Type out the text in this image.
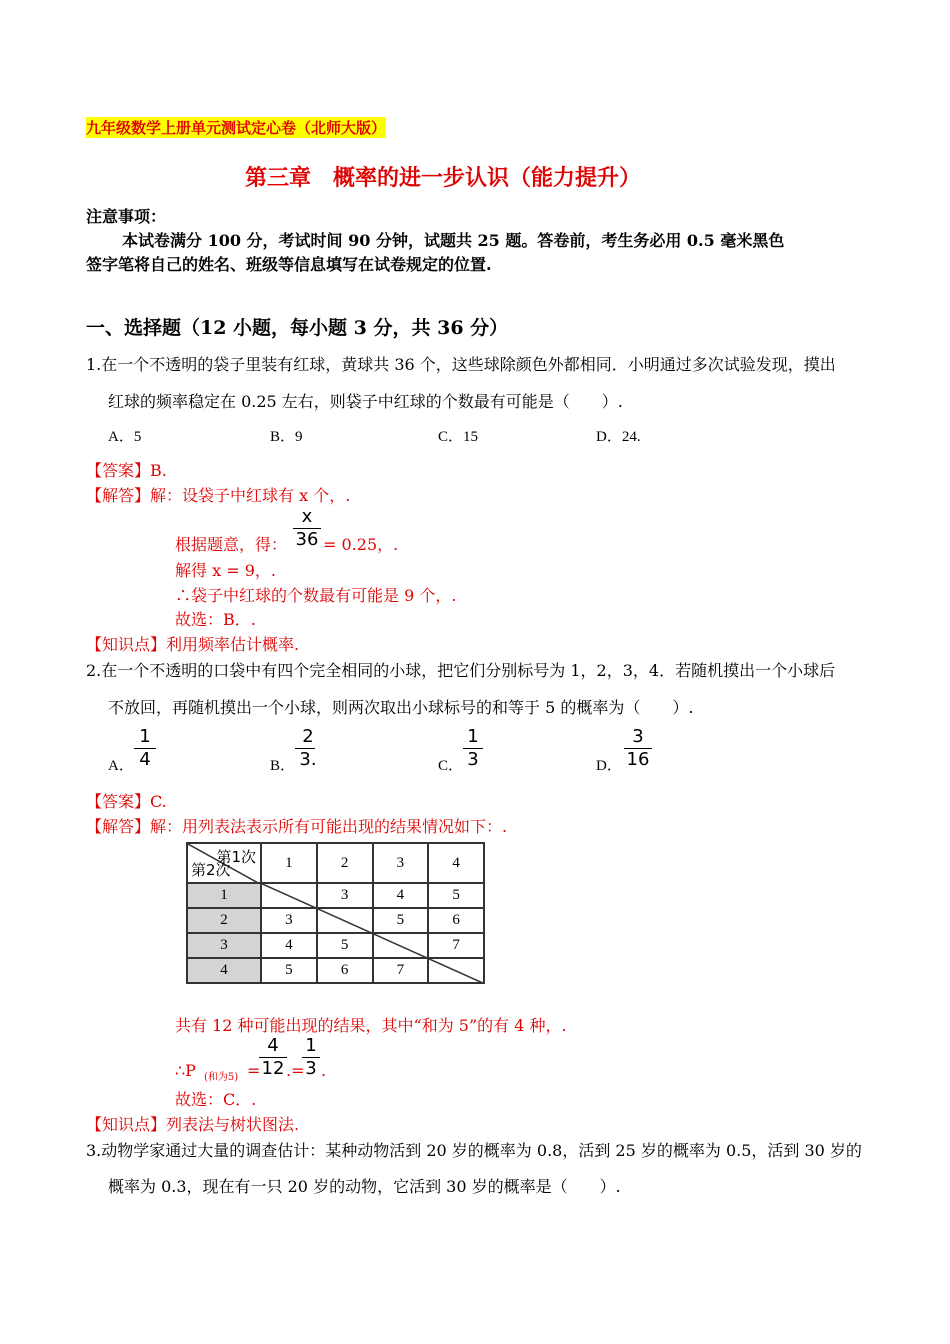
九年级数学上册单元测试定心卷（北师大版）
第三章　概率的进一步认识（能力提升）
注意事项：
本试卷满分 100 分，考试时间 90 分钟，试题共 25 题。答卷前，考生务必用 0.5 毫米黑色
签字笔将自己的姓名、班级等信息填写在试卷规定的位置.
一、选择题（12 小题，每小题 3 分，共 36 分）
1.在一个不透明的袋子里装有红球，黄球共 36 个，这些球除颜色外都相同．小明通过多次试验发现，摸出
红球的频率稳定在 0.25 左右，则袋子中红球的个数最有可能是（　　）.
A．5	B．9	C．15	D．24.
【答案】B.
【解答】解：设袋子中红球有 x 个，.
根据题意，得：
x
36 = 0.25，.
解得 x = 9，.
∴袋子中红球的个数最有可能是 9 个，.
故选：B．.
【知识点】利用频率估计概率.
2.在一个不透明的口袋中有四个完全相同的小球，把它们分别标号为 1，2，3，4．若随机摸出一个小球后
不放回，再随机摸出一个小球，则两次取出小球标号的和等于 5 的概率为（　　）.
A．
1
4	B．
2
3.	C．
1
3	D．
3
16
【答案】C.
【解答】解：用列表法表示所有可能出现的结果情况如下：.
第1次
第2次	1	2	3	4
1		3	4	5
2	3		5	6
3	4	5		7
4	5	6	7	
共有 12 种可能出现的结果，其中“和为 5”的有 4 种，.
∴P (和为5) =
4
12 .=
1
3 .
故选：C．.
【知识点】列表法与树状图法.
3.动物学家通过大量的调查估计：某种动物活到 20 岁的概率为 0.8，活到 25 岁的概率为 0.5，活到 30 岁的
概率为 0.3，现在有一只 20 岁的动物，它活到 30 岁的概率是（　　）.
